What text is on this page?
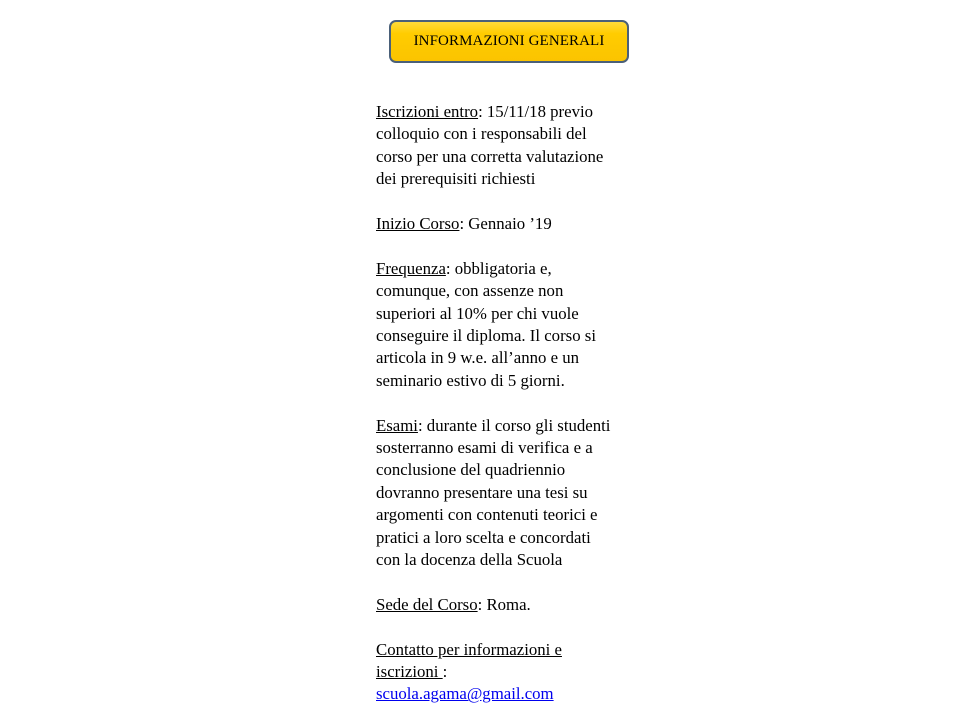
INFORMAZIONI GENERALI
Iscrizioni entro: 15/11/18 previo
colloquio con i responsabili del
corso per una corretta valutazione
dei prerequisiti richiesti
Inizio Corso: Gennaio ’19
Frequenza: obbligatoria e,
comunque, con assenze non
superiori al 10% per chi vuole
conseguire il diploma. Il corso si
articola in 9 w.e. all’anno e un
seminario estivo di 5 giorni.
Esami: durante il corso gli studenti
sosterranno esami di verifica e a
conclusione del quadriennio
dovranno presentare una tesi su
argomenti con contenuti teorici e
pratici a loro scelta e concordati
con la docenza della Scuola
Sede del Corso: Roma.
Contatto per informazioni e
iscrizioni :
scuola.agama@gmail.com
